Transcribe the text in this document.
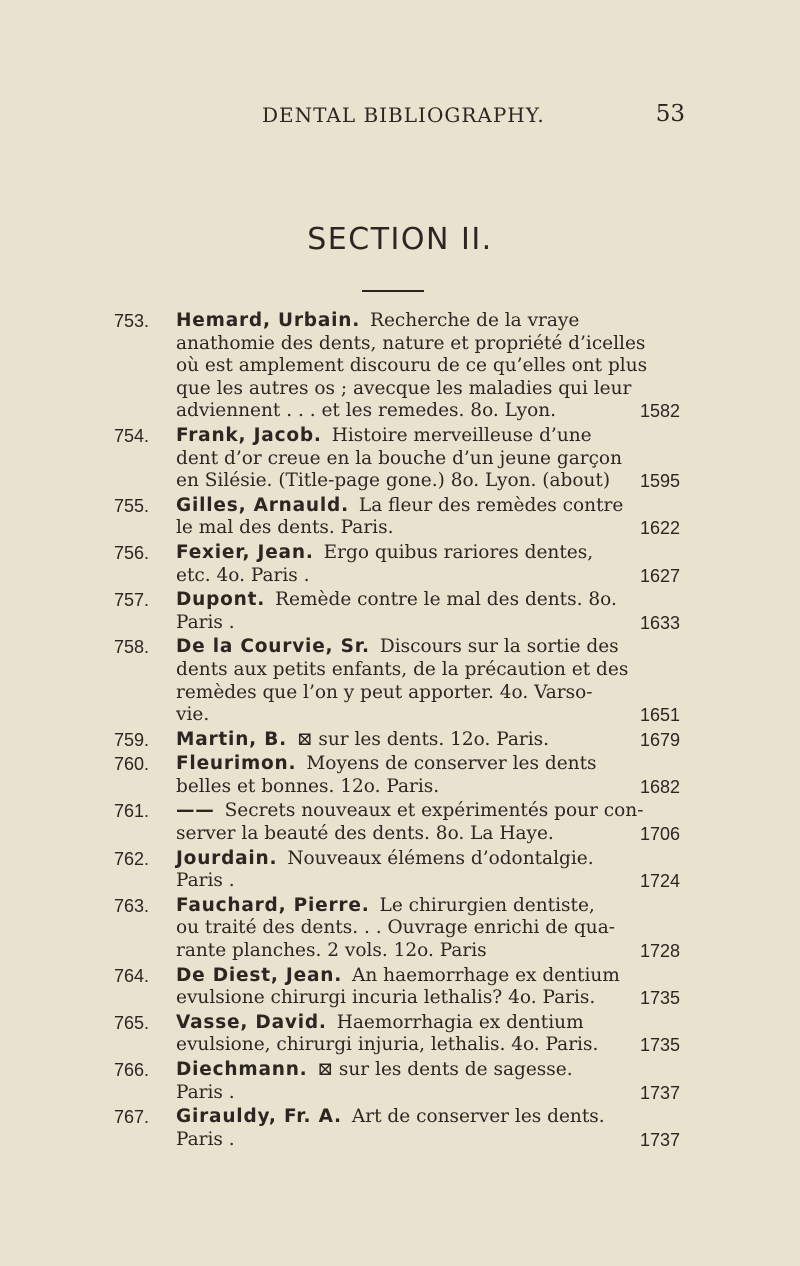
DENTAL BIBLIOGRAPHY.	53
SECTION II.
753.	Hemard, Urbain. Recherche de la vraye
anathomie des dents, nature et propriété d’icelles
où est amplement discouru de ce qu’elles ont plus
que les autres os ; avecque les maladies qui leur
adviennent . . . et les remedes. 8o. Lyon.	1582
754.	Frank, Jacob. Histoire merveilleuse d’une
dent d’or creue en la bouche d’un jeune garçon
en Silésie. (Title-page gone.) 8o. Lyon. (about) 1595
755.	Gilles, Arnauld. La fleur des remèdes contre
le mal des dents. Paris.	1622
756.	Fexier, Jean. Ergo quibus rariores dentes,
etc. 4o. Paris .	1627
757.	Dupont. Remède contre le mal des dents. 8o.
Paris .	1633
758.	De la Courvie, Sr. Discours sur la sortie des
dents aux petits enfants, de la précaution et des
remèdes que l’on y peut apporter. 4o. Varso-
vie.	1651
759.	Martin, B. ⊠ sur les dents. 12o. Paris.	1679
760.	Fleurimon. Moyens de conserver les dents
belles et bonnes. 12o. Paris.	1682
761.	—— Secrets nouveaux et expérimentés pour con-
server la beauté des dents. 8o. La Haye.	1706
762.	Jourdain. Nouveaux élémens d’odontalgie.
Paris .	1724
763.	Fauchard, Pierre. Le chirurgien dentiste,
ou traité des dents. . . Ouvrage enrichi de qua-
rante planches. 2 vols. 12o. Paris	1728
764.	De Diest, Jean. An haemorrhage ex dentium
evulsione chirurgi incuria lethalis? 4o. Paris. 1735
765.	Vasse, David. Haemorrhagia ex dentium
evulsione, chirurgi injuria, lethalis. 4o. Paris. 1735
766.	Diechmann. ⊠ sur les dents de sagesse.
Paris .	1737
767.	Girauldy, Fr. A. Art de conserver les dents.
Paris .	1737
